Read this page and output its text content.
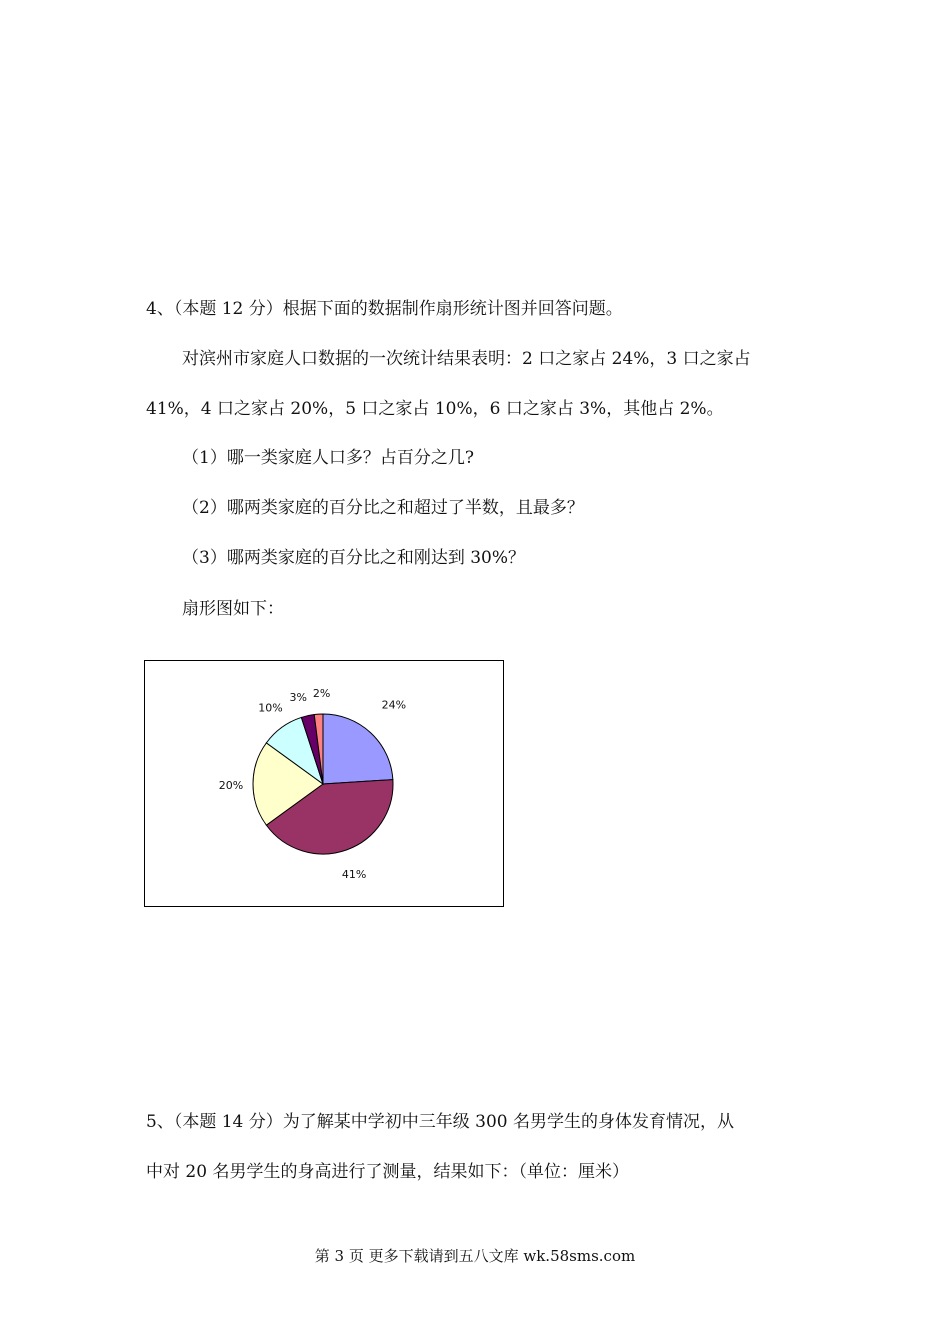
4、（本题 12 分）根据下面的数据制作扇形统计图并回答问题。
对滨州市家庭人口数据的一次统计结果表明：2 口之家占 24%，3 口之家占
41%，4 口之家占 20%，5 口之家占 10%，6 口之家占 3%，其他占 2%。
（1）哪一类家庭人口多？占百分之几?
（2）哪两类家庭的百分比之和超过了半数，且最多？
（3）哪两类家庭的百分比之和刚达到 30%？
扇形图如下：
24%
41%
20%
10%
3% 2%
5、（本题 14 分）为了解某中学初中三年级 300 名男学生的身体发育情况，从
中对 20 名男学生的身高进行了测量，结果如下：（单位：厘米）
第 3 页 更多下载请到五八文库 wk.58sms.com
